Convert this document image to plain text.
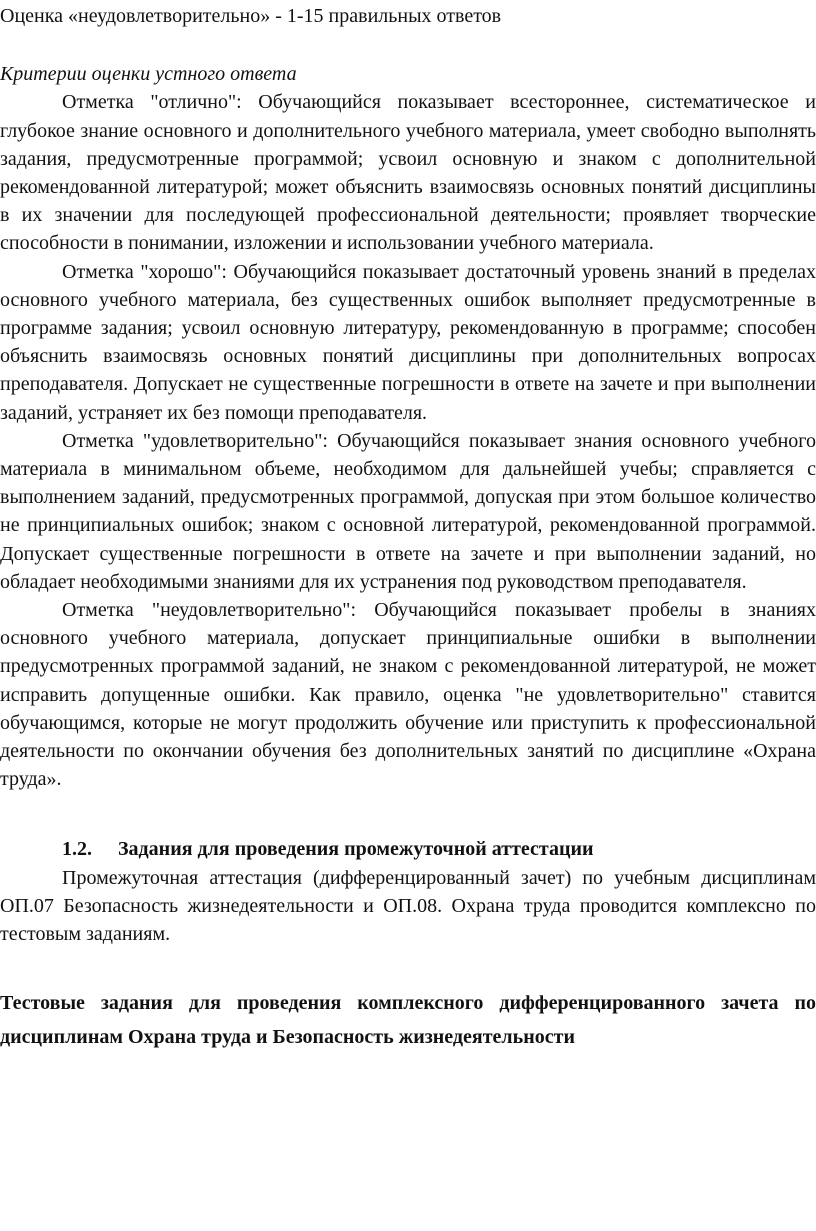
Оценка «неудовлетворительно» - 1-15 правильных ответов

Критерии оценки устного ответа

Отметка "отлично": Обучающийся показывает всестороннее, систематическое и глубокое знание основного и дополнительного учебного материала, умеет свободно выполнять задания, предусмотренные программой; усвоил основную и знаком с дополнительной рекомендованной литературой; может объяснить взаимосвязь основных понятий дисциплины в их значении для последующей профессиональной деятельности; проявляет творческие способности в понимании, изложении и использовании учебного материала.

Отметка "хорошо": Обучающийся показывает достаточный уровень знаний в пределах основного учебного материала, без существенных ошибок выполняет предусмотренные в программе задания; усвоил основную литературу, рекомендованную в программе; способен объяснить взаимосвязь основных понятий дисциплины при дополнительных вопросах преподавателя. Допускает не существенные погрешности в ответе на зачете и при выполнении заданий, устраняет их без помощи преподавателя.

Отметка "удовлетворительно": Обучающийся показывает знания основного учебного материала в минимальном объеме, необходимом для дальнейшей учебы; справляется с выполнением заданий, предусмотренных программой, допуская при этом большое количество не принципиальных ошибок; знаком с основной литературой, рекомендованной программой. Допускает существенные погрешности в ответе на зачете и при выполнении заданий, но обладает необходимыми знаниями для их устранения под руководством преподавателя.

Отметка "неудовлетворительно": Обучающийся показывает пробелы в знаниях основного учебного материала, допускает принципиальные ошибки в выполнении предусмотренных программой заданий, не знаком с рекомендованной литературой, не может исправить допущенные ошибки. Как правило, оценка "не удовлетворительно" ставится обучающимся, которые не могут продолжить обучение или приступить к профессиональной деятельности по окончании обучения без дополнительных занятий по дисциплине «Охрана труда».

1.2. Задания для проведения промежуточной аттестации

Промежуточная аттестация (дифференцированный зачет) по учебным дисциплинам ОП.07 Безопасность жизнедеятельности и ОП.08. Охрана труда проводится комплексно по тестовым заданиям.

Тестовые задания для проведения комплексного дифференцированного зачета по дисциплинам Охрана труда и Безопасность жизнедеятельности
